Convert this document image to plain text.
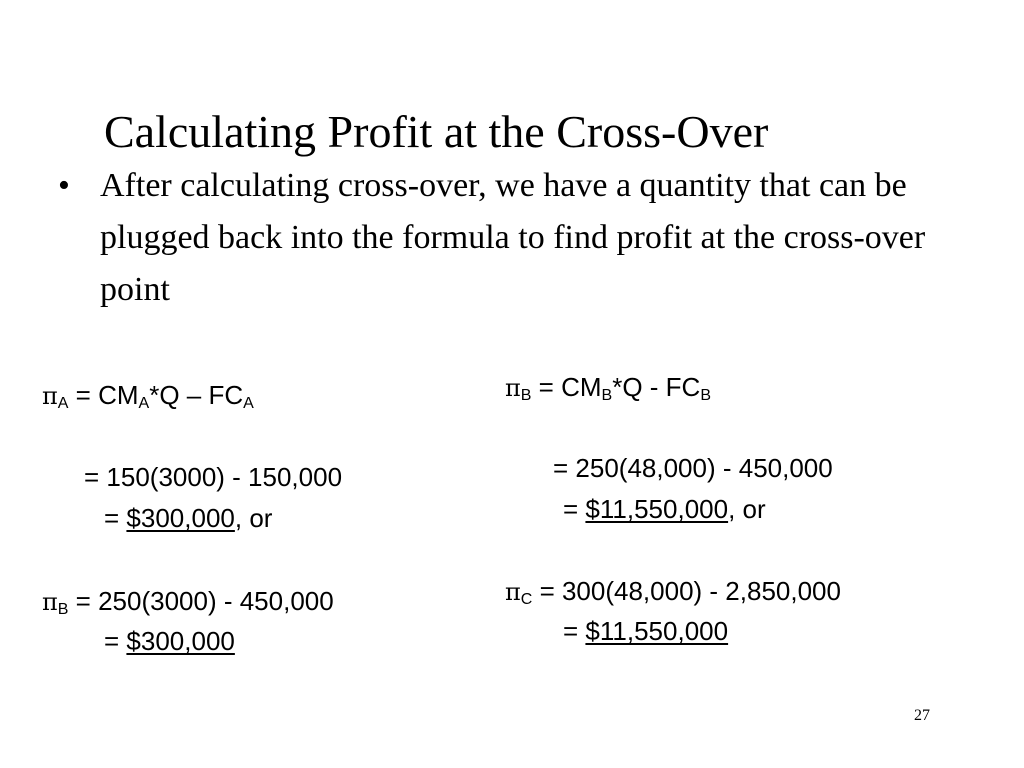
Calculating Profit at the Cross-Over
• After calculating cross-over, we have a quantity that can be plugged back into the formula to find profit at the cross-over point
$\pi_A = CM_A*Q - FC_A$
= 150(3000) - 150,000
= $300,000, or
$\pi_B = 250(3000) - 450,000$
= $300,000
$\pi_B = CM_B*Q - FC_B$
= 250(48,000) - 450,000
= $11,550,000, or
$\pi_C = 300(48,000) - 2,850,000$
= $11,550,000
27
